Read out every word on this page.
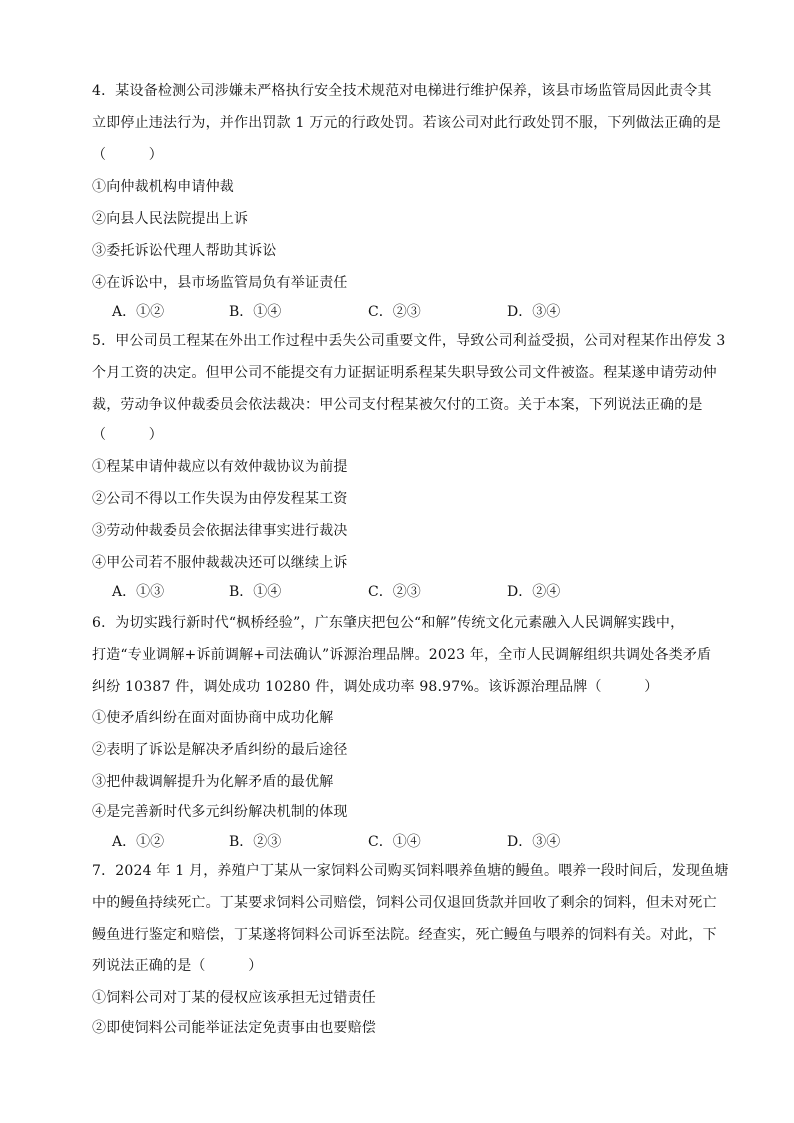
4．某设备检测公司涉嫌未严格执行安全技术规范对电梯进行维护保养，该县市场监管局因此责令其
立即停止违法行为，并作出罚款 1 万元的行政处罚。若该公司对此行政处罚不服，下列做法正确的是
（　　　）
①向仲裁机构申请仲裁
②向县人民法院提出上诉
③委托诉讼代理人帮助其诉讼
④在诉讼中，县市场监管局负有举证责任
A．①②	B．①④	C．②③	D．③④
5．甲公司员工程某在外出工作过程中丢失公司重要文件，导致公司利益受损，公司对程某作出停发 3
个月工资的决定。但甲公司不能提交有力证据证明系程某失职导致公司文件被盗。程某遂申请劳动仲
裁，劳动争议仲裁委员会依法裁决：甲公司支付程某被欠付的工资。关于本案，下列说法正确的是
（　　　）
①程某申请仲裁应以有效仲裁协议为前提
②公司不得以工作失误为由停发程某工资
③劳动仲裁委员会依据法律事实进行裁决
④甲公司若不服仲裁裁决还可以继续上诉
A．①③	B．①④	C．②③	D．②④
6．为切实践行新时代“枫桥经验”，广东肇庆把包公“和解”传统文化元素融入人民调解实践中，
打造“专业调解+诉前调解+司法确认”诉源治理品牌。2023 年，全市人民调解组织共调处各类矛盾
纠纷 10387 件，调处成功 10280 件，调处成功率 98.97%。该诉源治理品牌（　　　）
①使矛盾纠纷在面对面协商中成功化解
②表明了诉讼是解决矛盾纠纷的最后途径
③把仲裁调解提升为化解矛盾的最优解
④是完善新时代多元纠纷解决机制的体现
A．①②	B．②③	C．①④	D．③④
7．2024 年 1 月，养殖户丁某从一家饲料公司购买饲料喂养鱼塘的鳗鱼。喂养一段时间后，发现鱼塘
中的鳗鱼持续死亡。丁某要求饲料公司赔偿，饲料公司仅退回货款并回收了剩余的饲料，但未对死亡
鳗鱼进行鉴定和赔偿，丁某遂将饲料公司诉至法院。经查实，死亡鳗鱼与喂养的饲料有关。对此，下
列说法正确的是（　　　）
①饲料公司对丁某的侵权应该承担无过错责任
②即使饲料公司能举证法定免责事由也要赔偿
